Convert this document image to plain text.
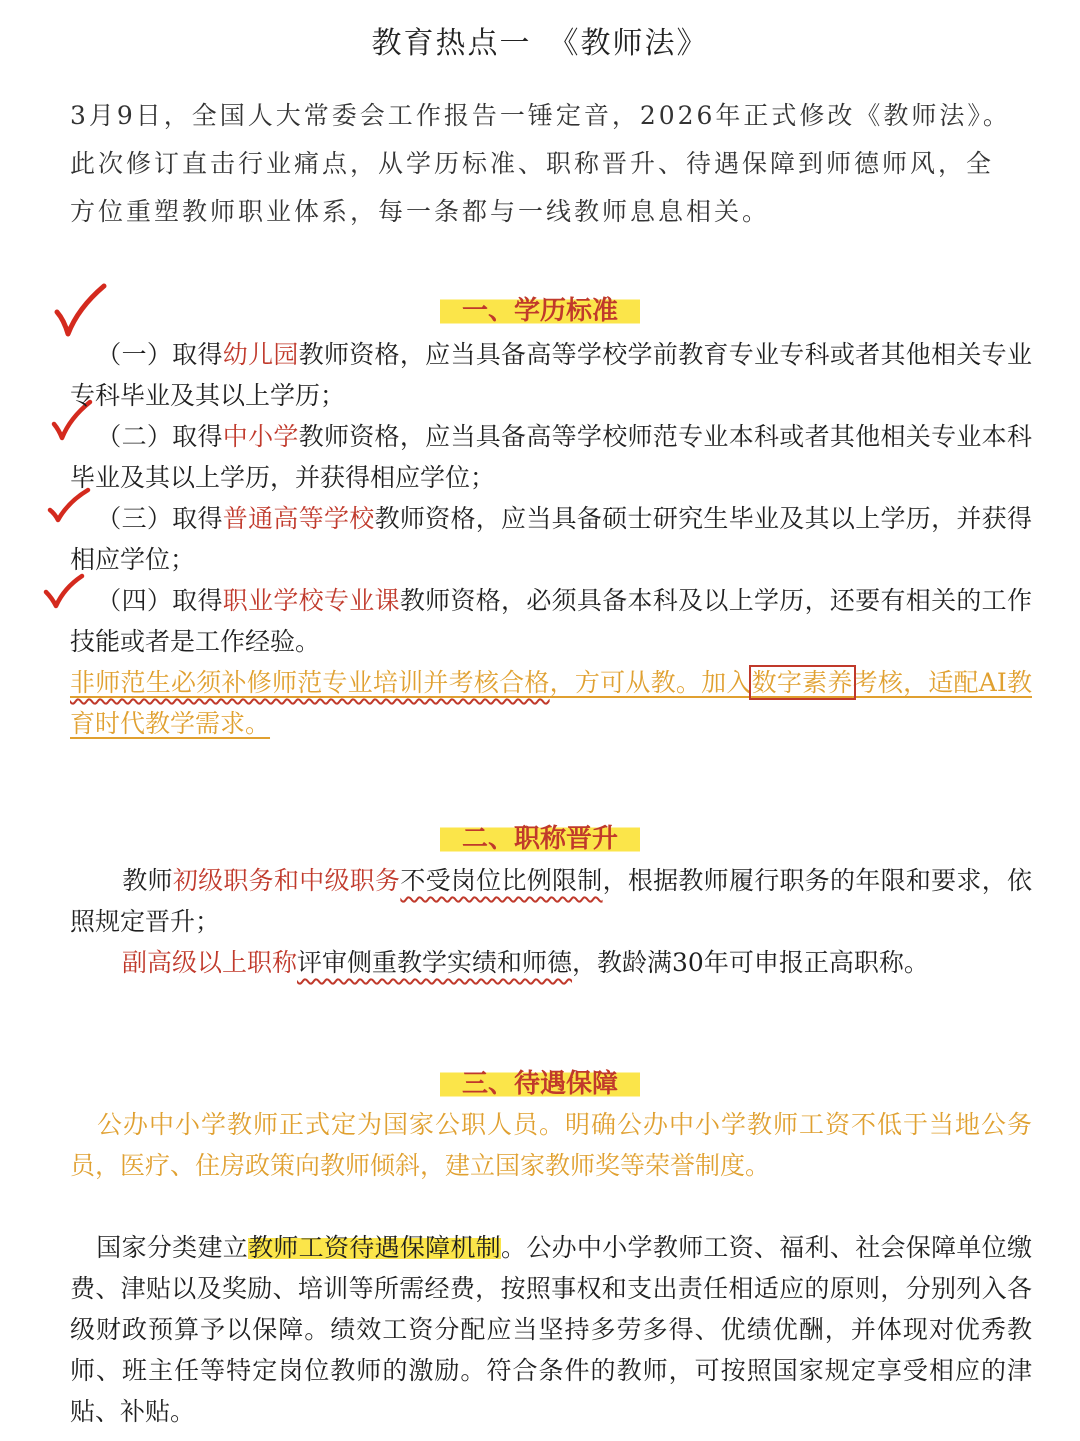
教育热点一　《教师法》
3月9日，全国人大常委会工作报告一锤定音，2026年正式修改《教师法》。此次修订直击行业痛点，从学历标准、职称晋升、待遇保障到师德师风，全方位重塑教师职业体系，每一条都与一线教师息息相关。
一、学历标准
（一）取得幼儿园教师资格，应当具备高等学校学前教育专业专科或者其他相关专业专科毕业及其以上学历；
（二）取得中小学教师资格，应当具备高等学校师范专业本科或者其他相关专业本科毕业及其以上学历，并获得相应学位；
（三）取得普通高等学校教师资格，应当具备硕士研究生毕业及其以上学历，并获得相应学位；
（四）取得职业学校专业课教师资格，必须具备本科及以上学历，还要有相关的工作技能或者是工作经验。
非师范生必须补修师范专业培训并考核合格，方可从教。加入数字素养考核，适配AI教育时代教学需求。
二、职称晋升
教师初级职务和中级职务不受岗位比例限制，根据教师履行职务的年限和要求，依照规定晋升；
副高级以上职称评审侧重教学实绩和师德，教龄满30年可申报正高职称。
三、待遇保障
公办中小学教师正式定为国家公职人员。明确公办中小学教师工资不低于当地公务员，医疗、住房政策向教师倾斜，建立国家教师奖等荣誉制度。
国家分类建立教师工资待遇保障机制。公办中小学教师工资、福利、社会保障单位缴费、津贴以及奖励、培训等所需经费，按照事权和支出责任相适应的原则，分别列入各级财政预算予以保障。绩效工资分配应当坚持多劳多得、优绩优酬，并体现对优秀教师、班主任等特定岗位教师的激励。符合条件的教师，可按照国家规定享受相应的津贴、补贴。
